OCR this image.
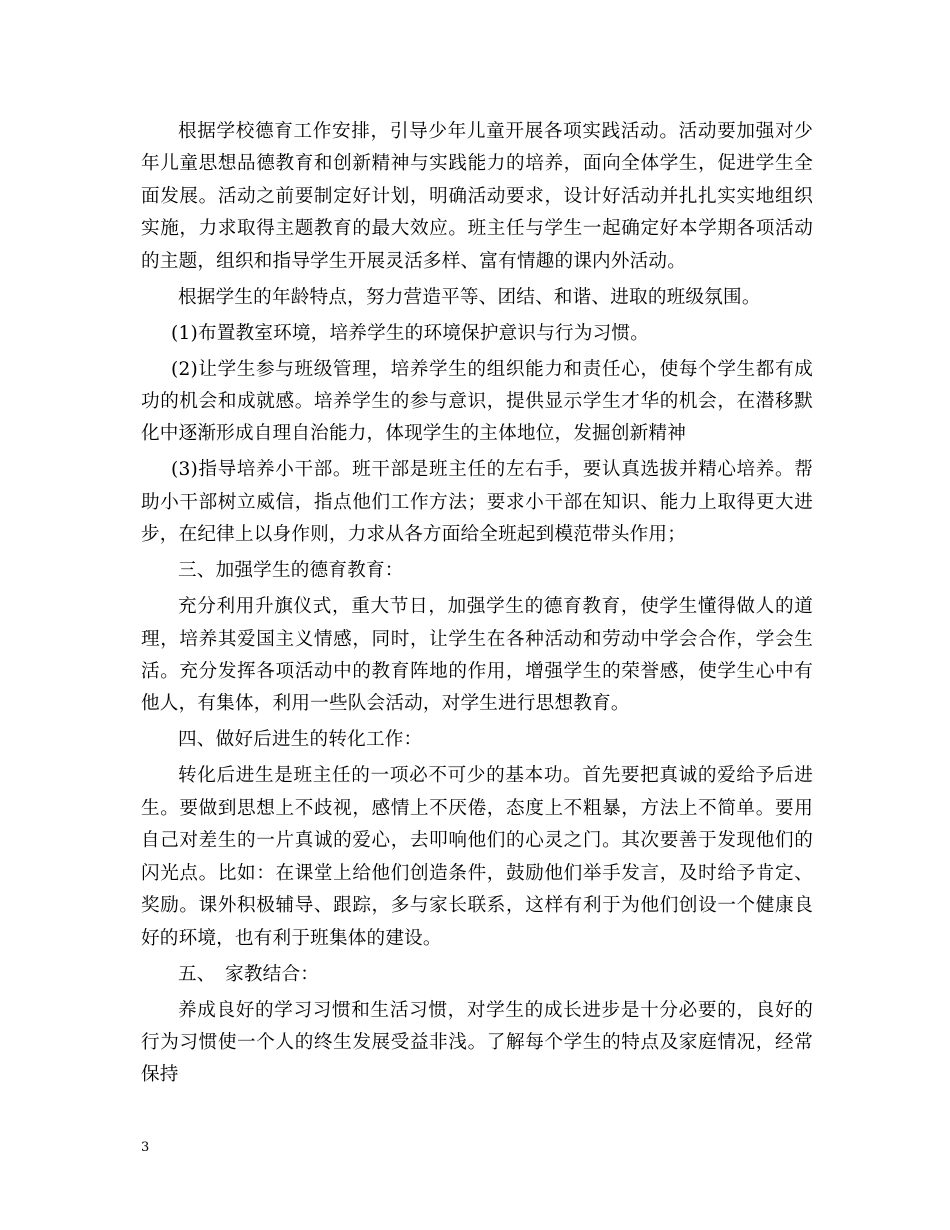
根据学校德育工作安排，引导少年儿童开展各项实践活动。活动要加强对少年儿童思想品德教育和创新精神与实践能力的培养，面向全体学生，促进学生全面发展。活动之前要制定好计划，明确活动要求，设计好活动并扎扎实实地组织实施，力求取得主题教育的最大效应。班主任与学生一起确定好本学期各项活动的主题，组织和指导学生开展灵活多样、富有情趣的课内外活动。

根据学生的年龄特点，努力营造平等、团结、和谐、进取的班级氛围。

(1)布置教室环境，培养学生的环境保护意识与行为习惯。

(2)让学生参与班级管理，培养学生的组织能力和责任心，使每个学生都有成功的机会和成就感。培养学生的参与意识，提供显示学生才华的机会，在潜移默化中逐渐形成自理自治能力，体现学生的主体地位，发掘创新精神

(3)指导培养小干部。班干部是班主任的左右手，要认真选拔并精心培养。帮助小干部树立威信，指点他们工作方法；要求小干部在知识、能力上取得更大进步，在纪律上以身作则，力求从各方面给全班起到模范带头作用；

三、加强学生的德育教育：

充分利用升旗仪式，重大节日，加强学生的德育教育，使学生懂得做人的道理，培养其爱国主义情感，同时，让学生在各种活动和劳动中学会合作，学会生活。充分发挥各项活动中的教育阵地的作用，增强学生的荣誉感，使学生心中有他人，有集体，利用一些队会活动，对学生进行思想教育。

四、做好后进生的转化工作：

转化后进生是班主任的一项必不可少的基本功。首先要把真诚的爱给予后进生。要做到思想上不歧视，感情上不厌倦，态度上不粗暴，方法上不简单。要用自己对差生的一片真诚的爱心，去叩响他们的心灵之门。其次要善于发现他们的闪光点。比如：在课堂上给他们创造条件，鼓励他们举手发言，及时给予肯定、奖励。课外积极辅导、跟踪，多与家长联系，这样有利于为他们创设一个健康良好的环境，也有利于班集体的建设。

五、　家教结合：

养成良好的学习习惯和生活习惯，对学生的成长进步是十分必要的，良好的行为习惯使一个人的终生发展受益非浅。了解每个学生的特点及家庭情况，经常保持

3
